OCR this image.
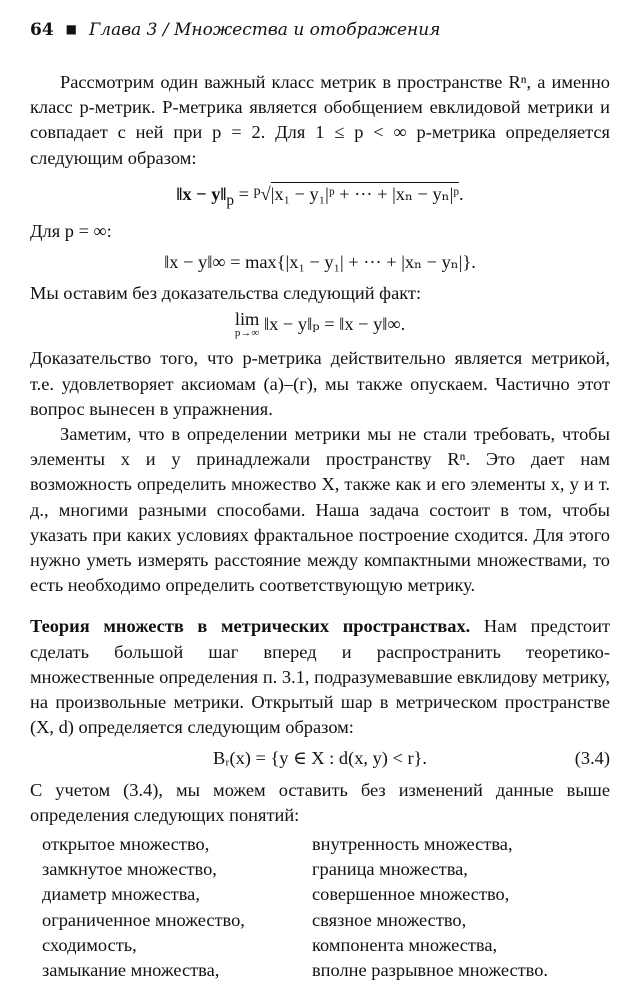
64 ■ Глава 3 / Множества и отображения

Рассмотрим один важный класс метрик в пространстве Rⁿ, а именно класс p-метрик. P-метрика является обобщением евклидовой метрики и совпадает с ней при p = 2. Для 1 ≤ p < ∞ p-метрика определяется следующим образом:

‖x − $y‖_p = ^p√|x_1$ − y₁|ᵖ + ··· + |xₙ − yₙ|ᵖ.

Для p = ∞:

‖x − y‖∞ = max{|x₁ − y₁| + ··· + |xₙ − yₙ|}.

Мы оставим без доказательства следующий факт:

lim
p→∞ ‖x − y‖ₚ = ‖x − y‖∞.

Доказательство того, что p-метрика действительно является метрикой, т.е. удовлетворяет аксиомам (а)–(г), мы также опускаем. Частично этот вопрос вынесен в упражнения.

Заметим, что в определении метрики мы не стали требовать, чтобы элементы x и y принадлежали пространству Rⁿ. Это дает нам возможность определить множество X, также как и его элементы x, y и т. д., многими разными способами. Наша задача состоит в том, чтобы указать при каких условиях фрактальное построение сходится. Для этого нужно уметь измерять расстояние между компактными множествами, то есть необходимо определить соответствующую метрику.

Теория множеств в метрических пространствах. Нам предстоит сделать большой шаг вперед и распространить теоретико-множественные определения п. 3.1, подразумевавшие евклидову метрику, на произвольные метрики. Открытый шар в метрическом пространстве (X, d) определяется следующим образом:

Bᵣ(x) = {y ∈ X : d(x, y) < r}.	(3.4)

С учетом (3.4), мы можем оставить без изменений данные выше определения следующих понятий:

открытое множество,	внутренность множества,
замкнутое множество,	граница множества,
диаметр множества,	совершенное множество,
ограниченное множество,	связное множество,
сходимость,	компонента множества,
замыкание множества,	вполне разрывное множество.
